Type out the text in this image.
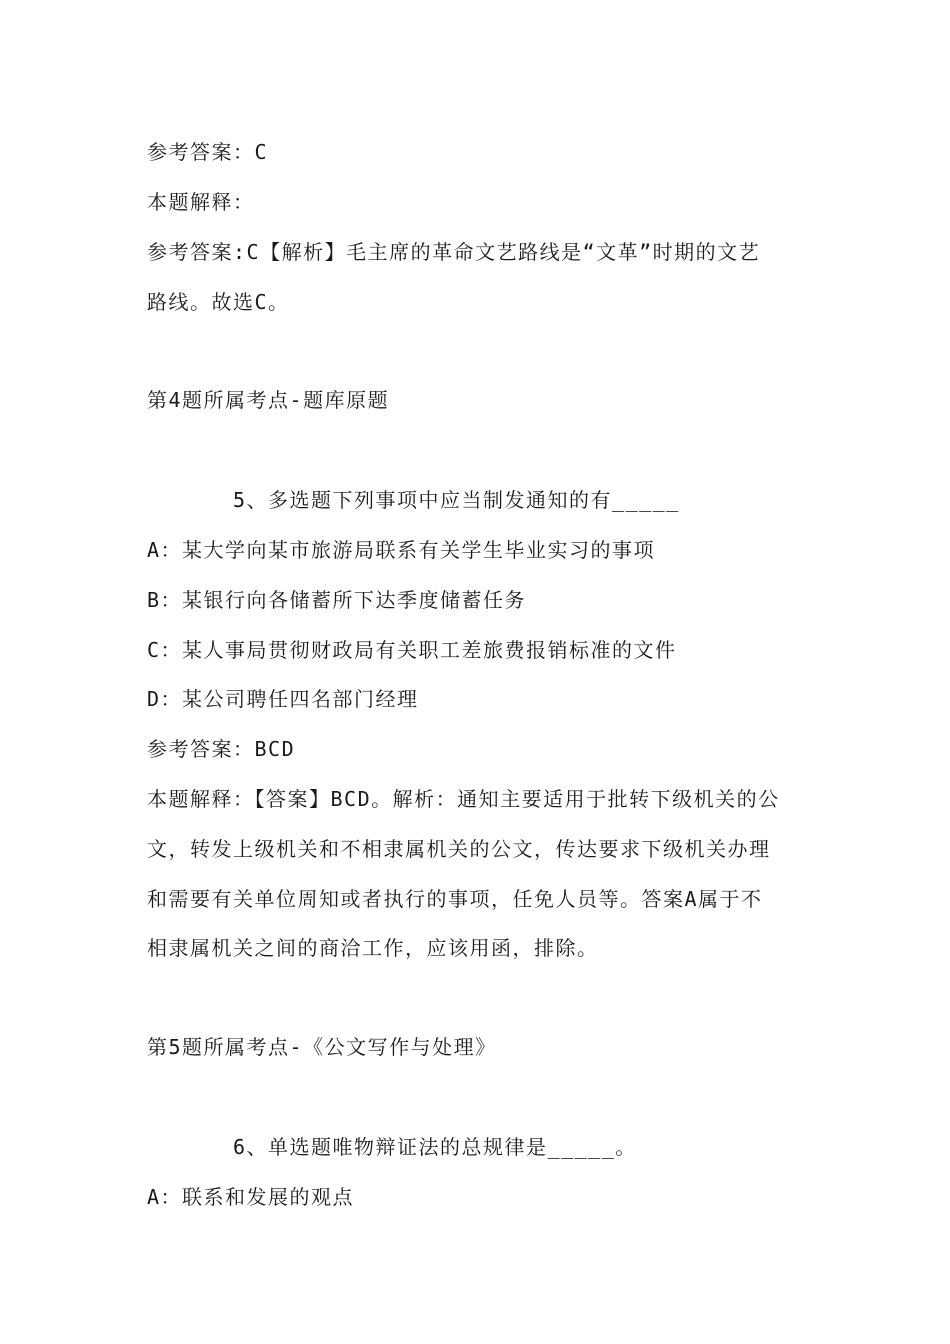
参考答案：C
本题解释：
参考答案:C【解析】毛主席的革命文艺路线是“文革”时期的文艺
路线。故选C。
第4题所属考点-题库原题
5、多选题下列事项中应当制发通知的有_____
A：某大学向某市旅游局联系有关学生毕业实习的事项
B：某银行向各储蓄所下达季度储蓄任务
C：某人事局贯彻财政局有关职工差旅费报销标准的文件
D：某公司聘任四名部门经理
参考答案：BCD
本题解释：【答案】BCD。解析：通知主要适用于批转下级机关的公
文，转发上级机关和不相隶属机关的公文，传达要求下级机关办理
和需要有关单位周知或者执行的事项，任免人员等。答案A属于不
相隶属机关之间的商洽工作，应该用函，排除。
第5题所属考点-《公文写作与处理》
6、单选题唯物辩证法的总规律是_____。
A：联系和发展的观点
